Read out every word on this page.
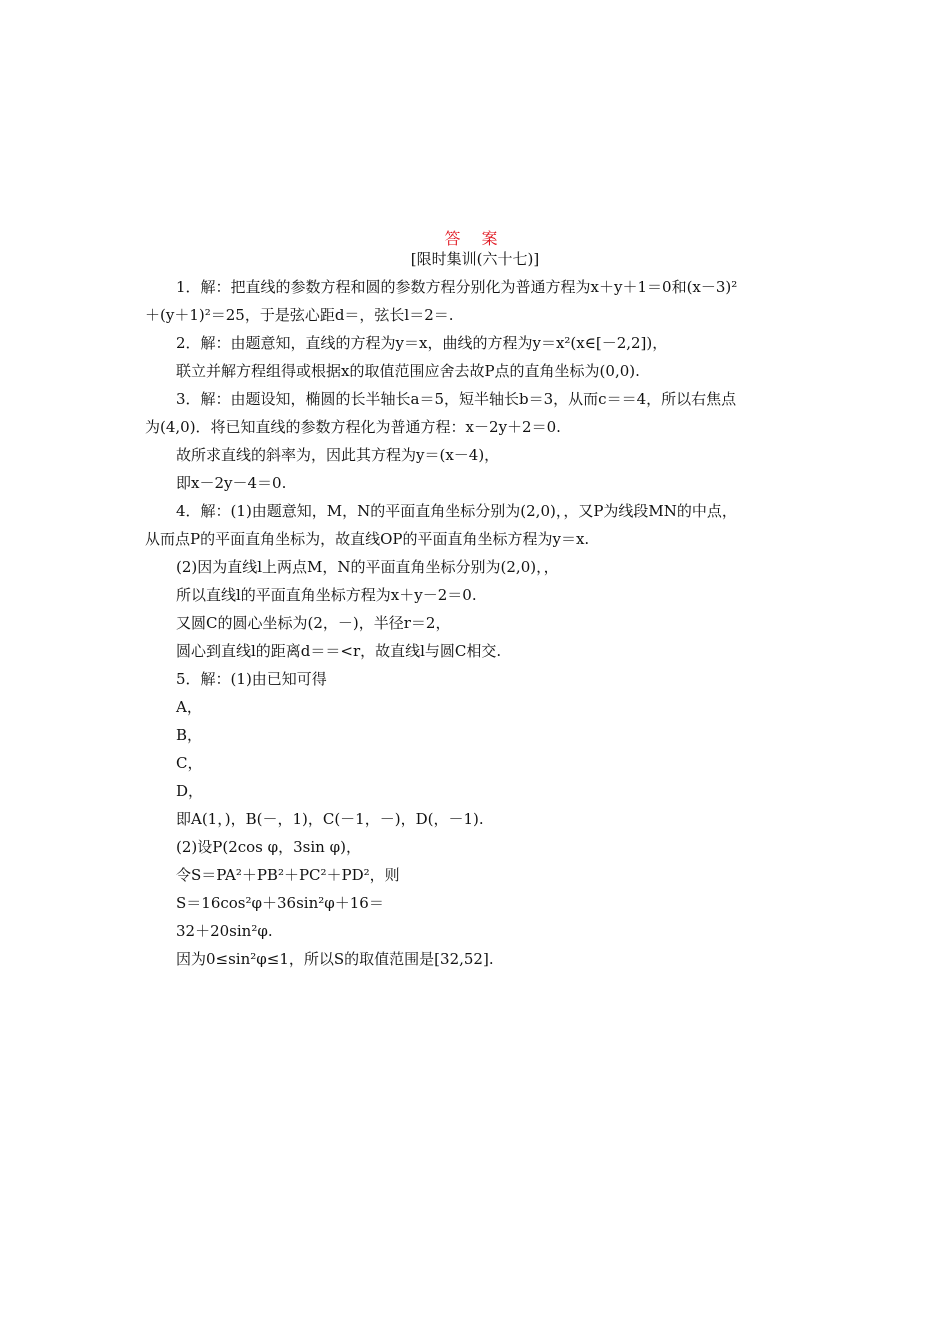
答 案
[限时集训(六十七)]
1．解：把直线的参数方程和圆的参数方程分别化为普通方程为x＋y＋1＝0和(x－3)²
＋(y＋1)²＝25，于是弦心距d＝，弦长l＝2＝.
2．解：由题意知，直线的方程为y＝x，曲线的方程为y＝x²(x∈[－2,2])，
联立并解方程组得或根据x的取值范围应舍去故P点的直角坐标为(0,0).
3．解：由题设知，椭圆的长半轴长a＝5，短半轴长b＝3，从而c＝＝4，所以右焦点
为(4,0)．将已知直线的参数方程化为普通方程：x－2y＋2＝0.
故所求直线的斜率为，因此其方程为y＝(x－4)，
即x－2y－4＝0.
4．解：(1)由题意知，M，N的平面直角坐标分别为(2,0)，，又P为线段MN的中点，
从而点P的平面直角坐标为，故直线OP的平面直角坐标方程为y＝x.
(2)因为直线l上两点M，N的平面直角坐标分别为(2,0)，，
所以直线l的平面直角坐标方程为x＋y－2＝0.
又圆C的圆心坐标为(2，－)，半径r＝2，
圆心到直线l的距离d＝＝<r，故直线l与圆C相交.
5．解：(1)由已知可得
A，
B，
C，
D，
即A(1，)，B(－，1)，C(－1，－)，D(，－1).
(2)设P(2cos φ，3sin φ)，
令S＝PA²＋PB²＋PC²＋PD²，则
S＝16cos²φ＋36sin²φ＋16＝
32＋20sin²φ.
因为0≤sin²φ≤1，所以S的取值范围是[32,52].
